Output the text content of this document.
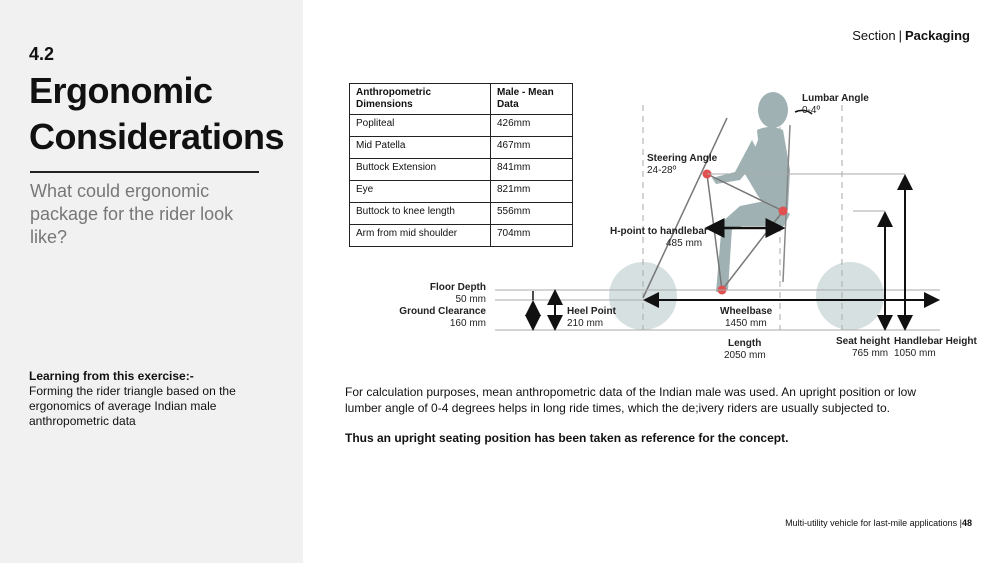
4.2
Ergonomic
Considerations
What could ergonomic package for the rider look like?
Learning from this exercise:-
Forming the rider triangle based on the ergonomics of average Indian male anthropometric data
Section | Packaging
Anthropometric Dimensions	Male - Mean Data
Popliteal	426mm
Mid Patella	467mm
Buttock Extension	841mm
Eye	821mm
Buttock to knee length	556mm
Arm from mid shoulder	704mm
Lumbar Angle
0-4º
Steering Angle
24-28º
H-point to handlebar
485 mm
Floor Depth
50 mm
Ground Clearance
160 mm
Heel Point
210 mm
Wheelbase
1450 mm
Length
2050 mm
Seat height
765 mm
Handlebar Height
1050 mm
For calculation purposes, mean anthropometric data of the Indian male was used. An upright position or low lumber angle of 0-4 degrees helps in long ride times, which the de;ivery riders are usually subjected to.
Thus an upright seating position has been taken as reference for the concept.
Multi-utility vehicle for last-mile applications |48
